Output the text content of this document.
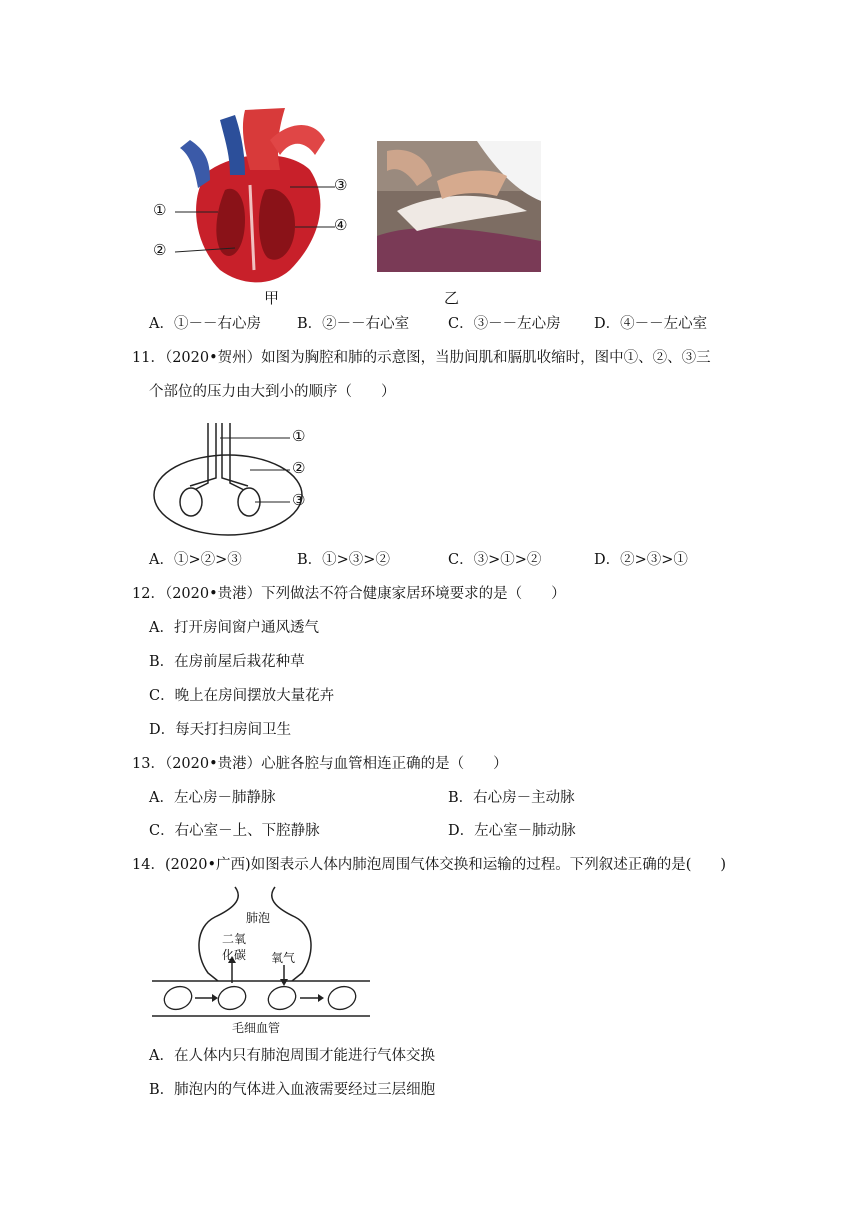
①
②
③
④
甲	乙
A．①－－右心房 B．②－－右心室	C．③－－左心房 D．④－－左心室
11．（2020•贺州）如图为胸腔和肺的示意图，当肋间肌和膈肌收缩时，图中①、②、③三
个部位的压力由大到小的顺序（　　）
①
②
③
A．①>②>③	B．①>③>②	C．③>①>②	D．②>③>①
12．（2020•贵港）下列做法不符合健康家居环境要求的是（　　）
A．打开房间窗户通风透气
B．在房前屋后栽花种草
C．晚上在房间摆放大量花卉
D．每天打扫房间卫生
13．（2020•贵港）心脏各腔与血管相连正确的是（　　）
A．左心房－肺静脉	B．右心房－主动脉
C．右心室－上、下腔静脉	D．左心室－肺动脉
14．(2020•广西)如图表示人体内肺泡周围气体交换和运输的过程。下列叙述正确的是(　　)
肺泡
二氧
化碳 氧气
毛细血管
A．在人体内只有肺泡周围才能进行气体交换
B．肺泡内的气体进入血液需要经过三层细胞
